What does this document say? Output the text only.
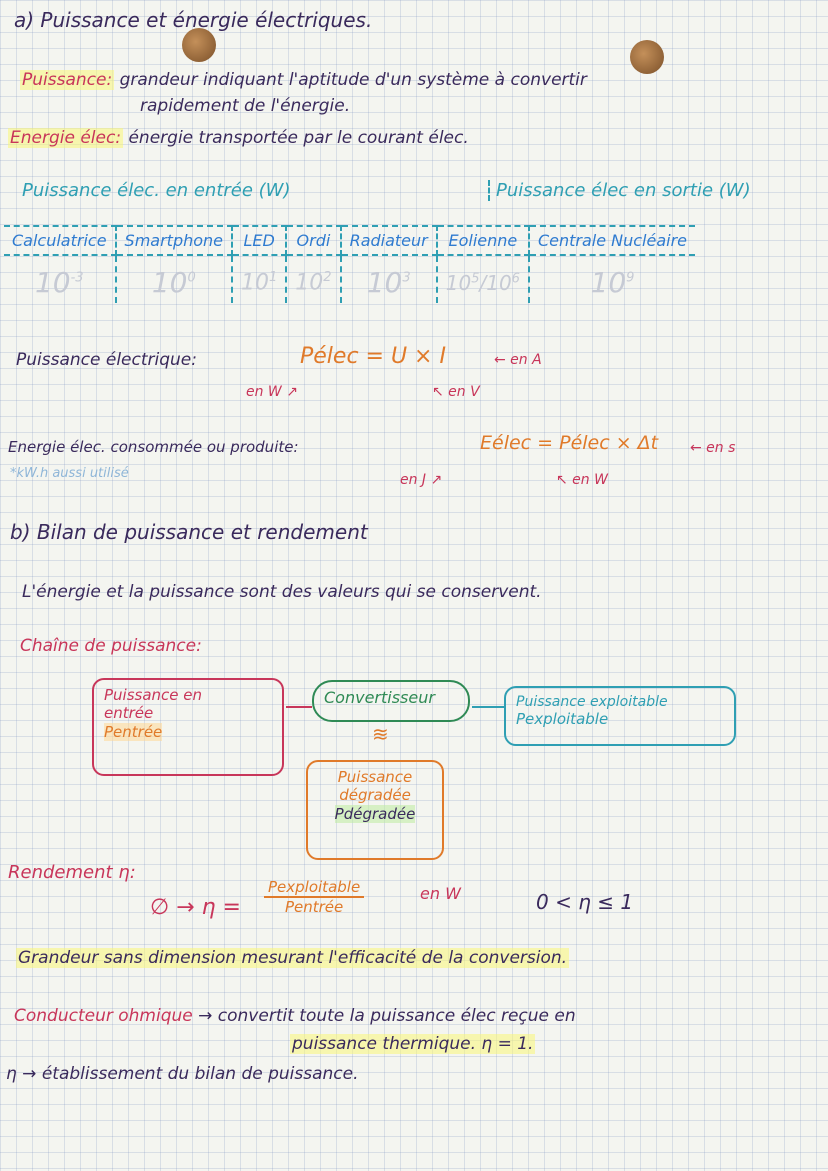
a) Puissance et énergie électriques.
Puissance: grandeur indiquant l'aptitude d'un système à convertir
rapidement de l'énergie.
Energie élec: énergie transportée par le courant élec.
Puissance élec. en entrée (W)	Puissance élec en sortie (W)
Calculatrice	Smartphone	LED	Ordi	Radiateur	Eolienne	Centrale Nucléaire
$10^{-3}$	$10^0$	$10^1$	$10^2$	$10^3$	$10^5/10^6$	$10^9$
Puissance électrique:	Pélec = U × I	← en A
en W ↗	↖ en V
Energie élec. consommée ou produite:	Eélec = Pélec × Δt ← en s
*kW.h aussi utilisé	en J ↗	↖ en W
b) Bilan de puissance et rendement
L'énergie et la puissance sont des valeurs qui se conservent.
Chaîne de puissance:
Puissance en
entrée
Pentrée
Convertisseur	Puissance exploitable
Pexploitable
≋
Puissance
dégradée
Pdégradée
Rendement η:
∅ → η =
Pexploitable
Pentrée
en W	0 < η ≤ 1
Grandeur sans dimension mesurant l'efficacité de la conversion.
Conducteur ohmique → convertit toute la puissance élec reçue en
puissance thermique. η = 1.
η → établissement du bilan de puissance.
